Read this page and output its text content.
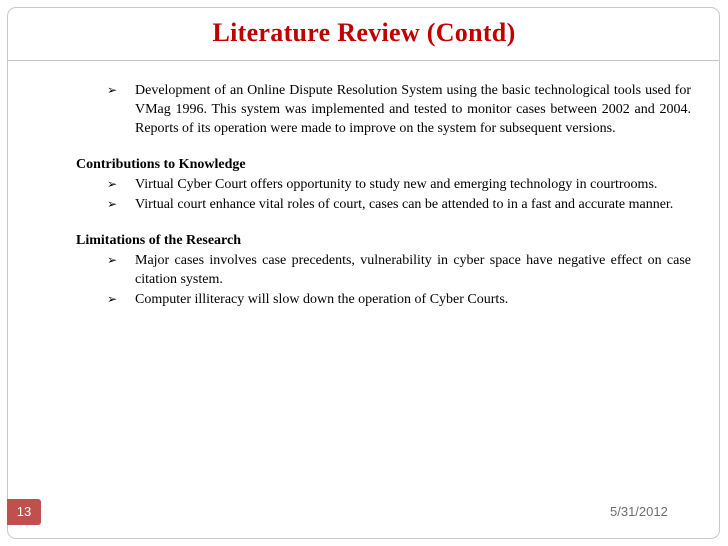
Literature Review (Contd)
➢ Development of an Online Dispute Resolution System using the basic technological tools used for VMag 1996. This system was implemented and tested to monitor cases between 2002 and 2004. Reports of its operation were made to improve on the system for subsequent versions.
Contributions to Knowledge
➢ Virtual Cyber Court offers opportunity to study new and emerging technology in courtrooms.
➢ Virtual court enhance vital roles of court, cases can be attended to in a fast and accurate manner.
Limitations of the Research
➢ Major cases involves case precedents, vulnerability in cyber space have negative effect on case citation system.
➢ Computer illiteracy will slow down the operation of Cyber Courts.
13	5/31/2012
